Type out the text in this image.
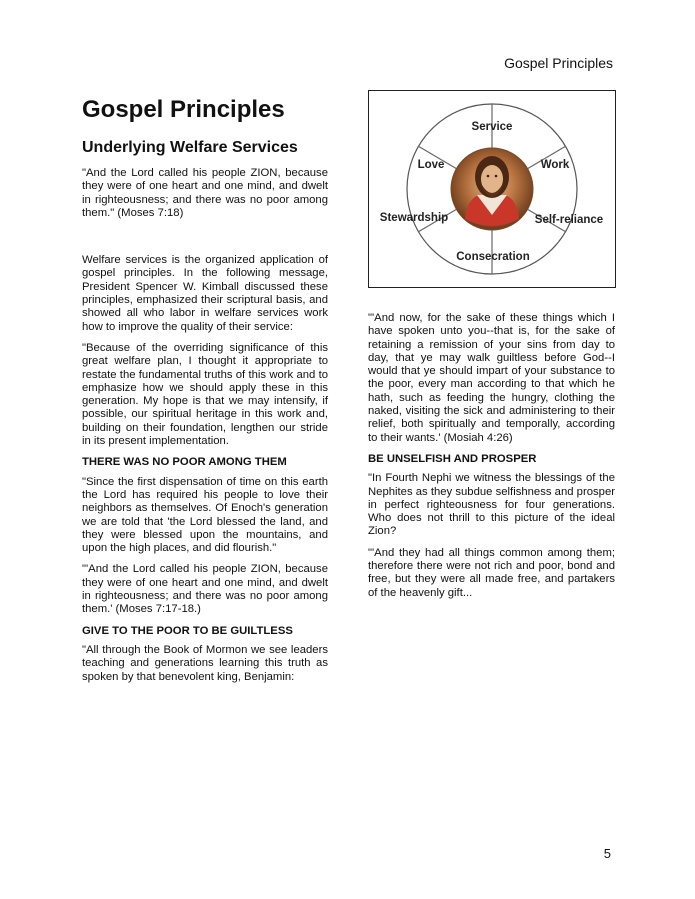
Gospel Principles
Gospel Principles
Underlying Welfare Services

"And the Lord called his people ZION, because they were of one heart and one mind, and dwelt in righteousness; and there was no poor among them." (Moses 7:18)

Welfare services is the organized application of gospel principles. In the following message, President Spencer W. Kimball discussed these principles, emphasized their scriptural basis, and showed all who labor in welfare services work how to improve the quality of their service:

"Because of the overriding significance of this great welfare plan, I thought it appropriate to restate the fundamental truths of this work and to emphasize how we should apply these in this generation. My hope is that we may intensify, if possible, our spiritual heritage in this work and, building on their foundation, lengthen our stride in its present implementation.

THERE WAS NO POOR AMONG THEM

"Since the first dispensation of time on this earth the Lord has required his people to love their neighbors as themselves. Of Enoch's generation we are told that 'the Lord blessed the land, and they were blessed upon the mountains, and upon the high places, and did flourish."

"'And the Lord called his people ZION, because they were of one heart and one mind, and dwelt in righteousness; and there was no poor among them.' (Moses 7:17-18.)

GIVE TO THE POOR TO BE GUILTLESS

"All through the Book of Mormon we see leaders teaching and generations learning this truth as spoken by that benevolent king, Benjamin:

Service
Love	Work
Stewardship	Self-reliance
Consecration

"'And now, for the sake of these things which I have spoken unto you--that is, for the sake of retaining a remission of your sins from day to day, that ye may walk guiltless before God--I would that ye should impart of your substance to the poor, every man according to that which he hath, such as feeding the hungry, clothing the naked, visiting the sick and administering to their relief, both spiritually and temporally, according to their wants.' (Mosiah 4:26)

BE UNSELFISH AND PROSPER

"In Fourth Nephi we witness the blessings of the Nephites as they subdue selfishness and prosper in perfect righteousness for four generations. Who does not thrill to this picture of the ideal Zion?

"'And they had all things common among them; therefore there were not rich and poor, bond and free, but they were all made free, and partakers of the heavenly gift...

5
